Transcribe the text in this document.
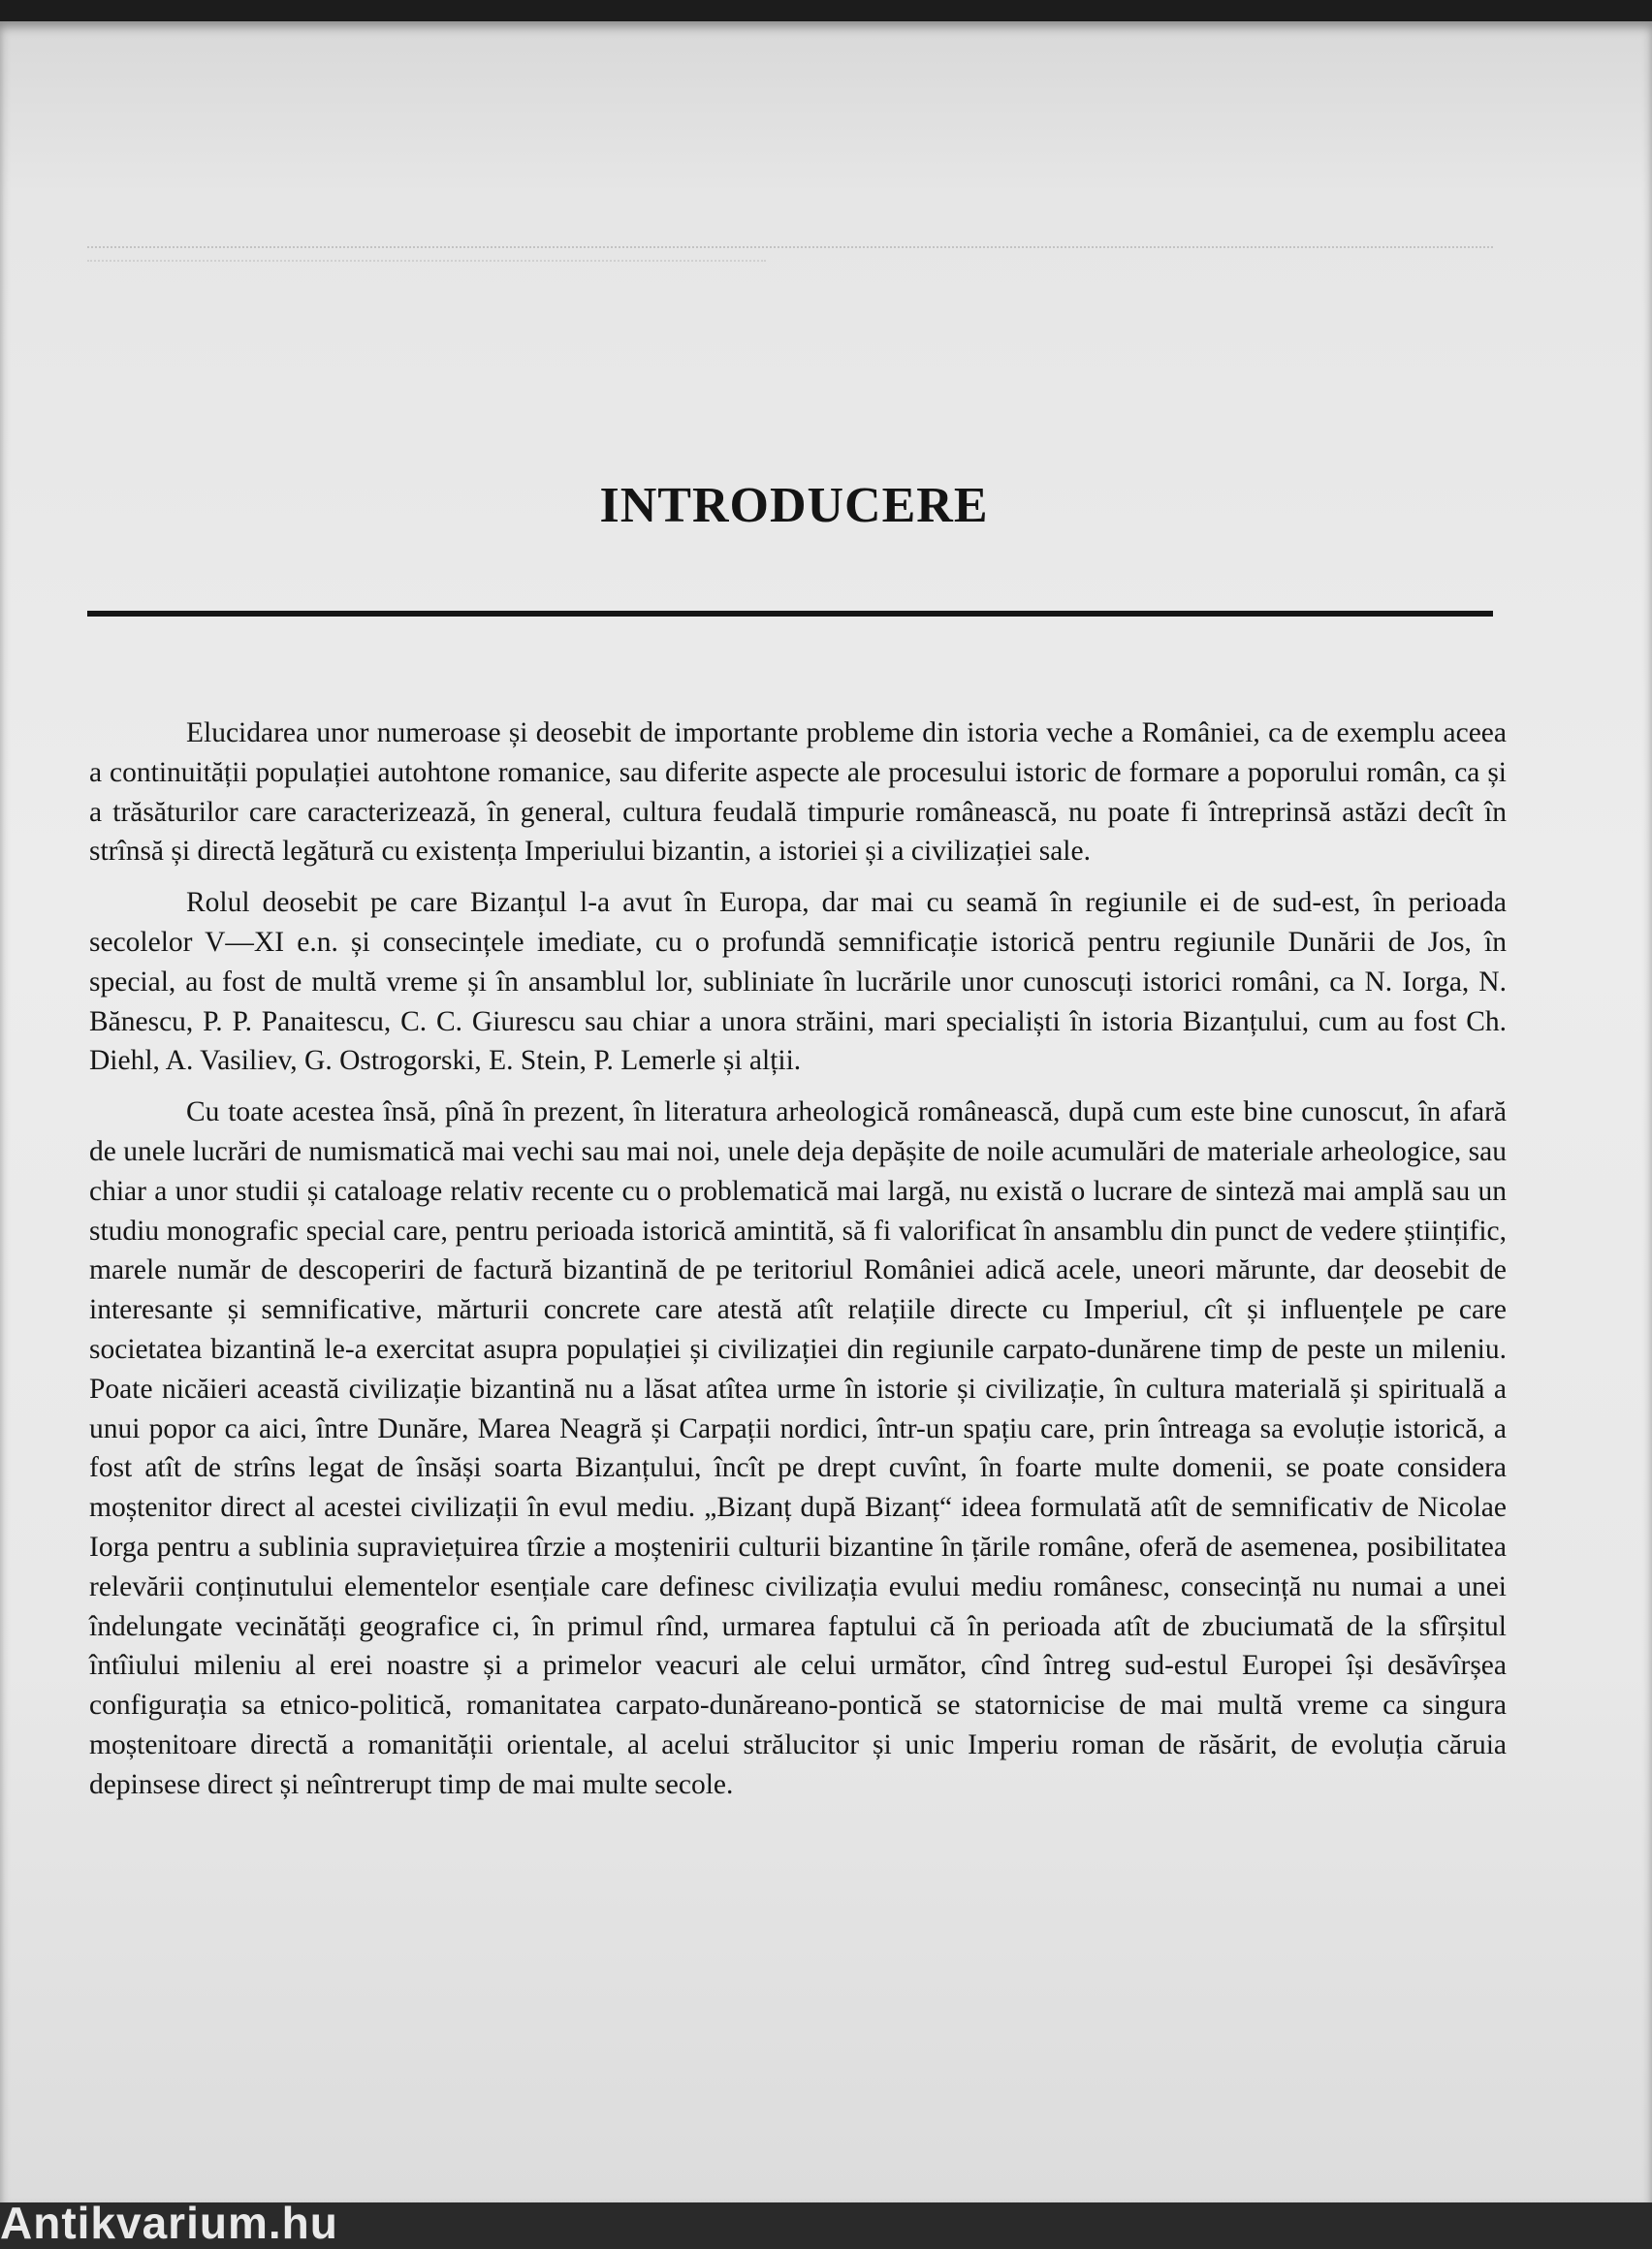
INTRODUCERE

Elucidarea unor numeroase și deosebit de importante probleme din istoria veche a României, ca de exemplu aceea a continuității populației autohtone romanice, sau diferite aspecte ale procesului istoric de formare a poporului român, ca și a trăsăturilor care caracterizează, în general, cultura feudală timpurie românească, nu poate fi întreprinsă astăzi decît în strînsă și directă legătură cu existența Imperiului bizantin, a istoriei și a civilizației sale.

Rolul deosebit pe care Bizanțul l-a avut în Europa, dar mai cu seamă în regiunile ei de sud-est, în perioada secolelor V—XI e.n. și consecințele imediate, cu o profundă semnificație istorică pentru regiunile Dunării de Jos, în special, au fost de multă vreme și în ansamblul lor, subliniate în lucrările unor cunoscuți istorici români, ca N. Iorga, N. Bănescu, P. P. Panaitescu, C. C. Giurescu sau chiar a unora străini, mari specialiști în istoria Bizanțului, cum au fost Ch. Diehl, A. Vasiliev, G. Ostrogorski, E. Stein, P. Lemerle și alții.

Cu toate acestea însă, pînă în prezent, în literatura arheologică românească, după cum este bine cunoscut, în afară de unele lucrări de numismatică mai vechi sau mai noi, unele deja depășite de noile acumulări de materiale arheologice, sau chiar a unor studii și cataloage relativ recente cu o problematică mai largă, nu există o lucrare de sinteză mai amplă sau un studiu monografic special care, pentru perioada istorică amintită, să fi valorificat în ansamblu din punct de vedere științific, marele număr de descoperiri de factură bizantină de pe teritoriul României adică acele, uneori mărunte, dar deosebit de interesante și semnificative, mărturii concrete care atestă atît relațiile directe cu Imperiul, cît și influențele pe care societatea bizantină le-a exercitat asupra populației și civilizației din regiunile carpato-dunărene timp de peste un mileniu. Poate nicăieri această civilizație bizantină nu a lăsat atîtea urme în istorie și civilizație, în cultura materială și spirituală a unui popor ca aici, între Dunăre, Marea Neagră și Carpații nordici, într-un spațiu care, prin întreaga sa evoluție istorică, a fost atît de strîns legat de însăși soarta Bizanțului, încît pe drept cuvînt, în foarte multe domenii, se poate considera moștenitor direct al acestei civilizații în evul mediu. „Bizanț după Bizanț“ ideea formulată atît de semnificativ de Nicolae Iorga pentru a sublinia supraviețuirea tîrzie a moștenirii culturii bizantine în țările române, oferă de asemenea, posibilitatea relevării conținutului elementelor esențiale care definesc civilizația evului mediu românesc, consecință nu numai a unei îndelungate vecinătăți geografice ci, în primul rînd, urmarea faptului că în perioada atît de zbuciumată de la sfîrșitul întîiului mileniu al erei noastre și a primelor veacuri ale celui următor, cînd întreg sud-estul Europei își desăvîrșea configurația sa etnico-politică, romanitatea carpato-dunăreano-pontică se statornicise de mai multă vreme ca singura moștenitoare directă a romanității orientale, al acelui strălucitor și unic Imperiu roman de răsărit, de evoluția căruia depinsese direct și neîntrerupt timp de mai multe secole.

Antikvarium.hu
